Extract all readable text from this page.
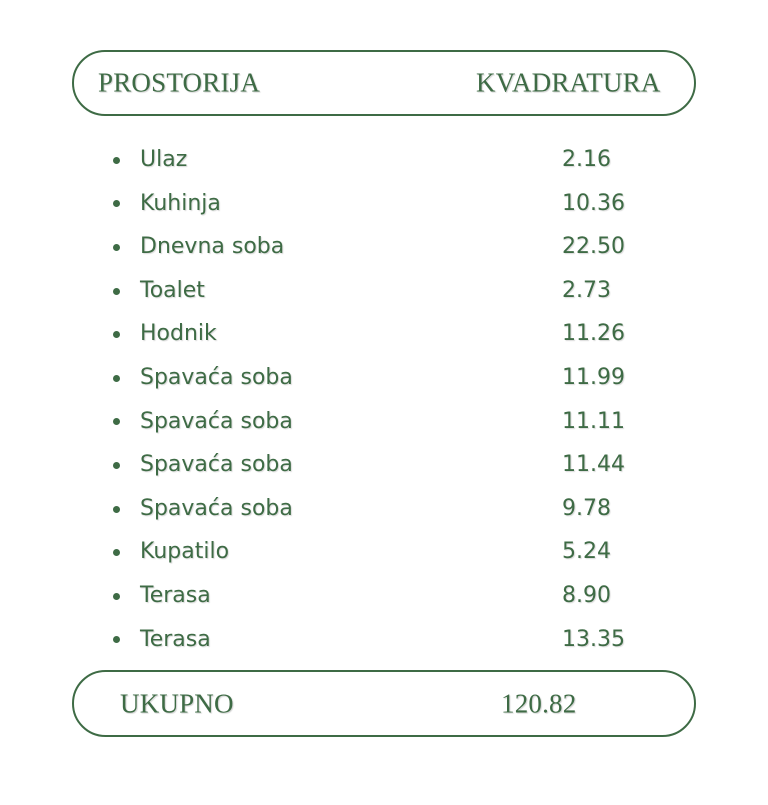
PROSTORIJA	KVADRATURA
Ulaz	2.16
Kuhinja	10.36
Dnevna soba	22.50
Toalet	2.73
Hodnik	11.26
Spavaća soba	11.99
Spavaća soba	11.11
Spavaća soba	11.44
Spavaća soba	9.78
Kupatilo	5.24
Terasa	8.90
Terasa	13.35
UKUPNO	120.82
